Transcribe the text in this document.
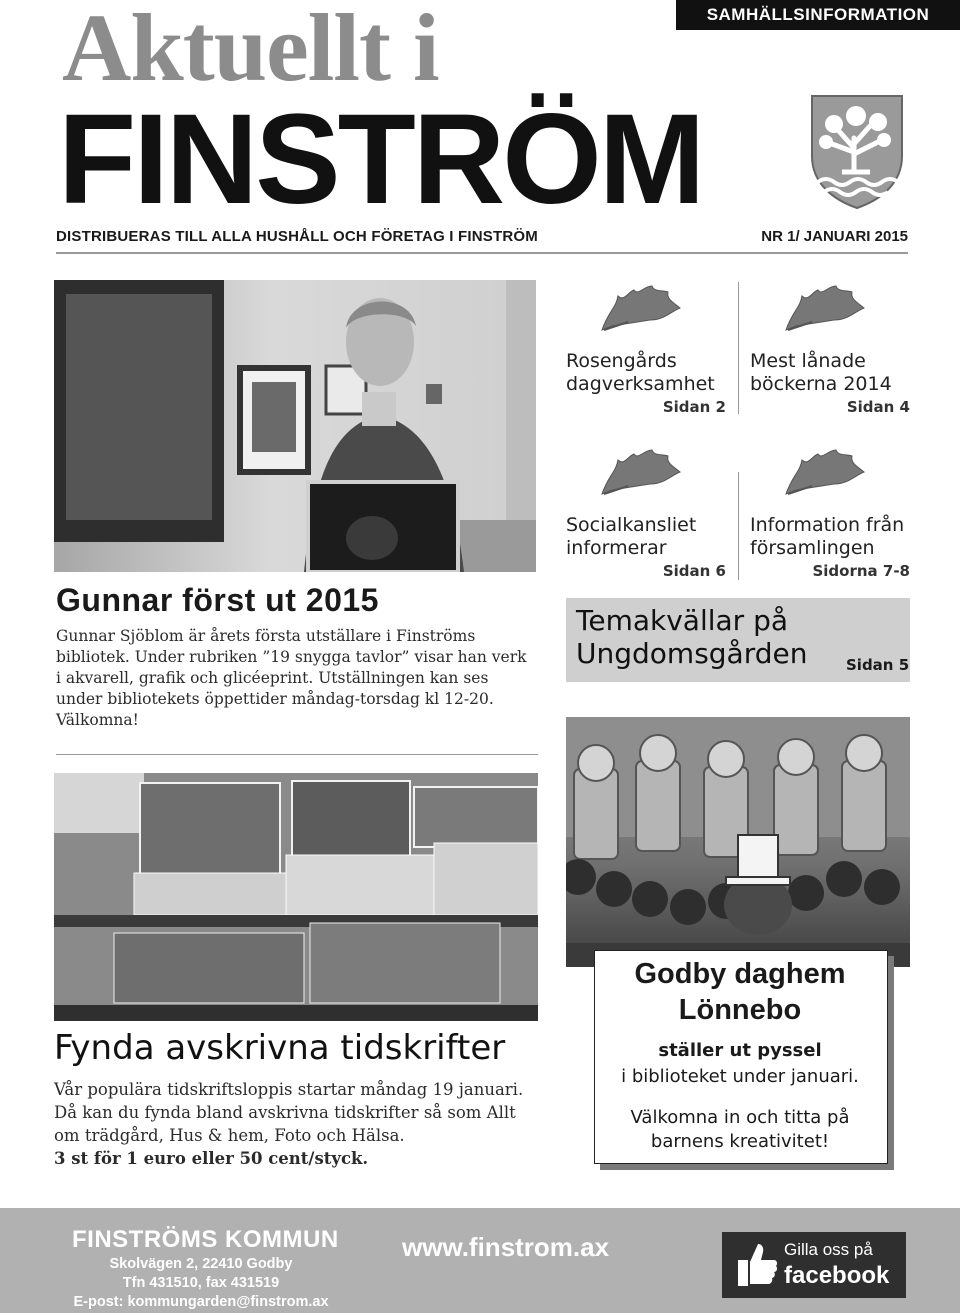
Aktuellt i
FINSTRÖM
SAMHÄLLSINFORMATION
DISTRIBUERAS TILL ALLA HUSHÅLL OCH FÖRETAG I FINSTRÖM	NR 1/ JANUARI 2015
Gunnar först ut 2015
Gunnar Sjöblom är årets första utställare i Finströms bibliotek. Under rubriken ”19 snygga tavlor” visar han verk i akvarell, grafik och glicéeprint. Utställningen kan ses under bibliotekets öppettider måndag-torsdag kl 12-20. Välkomna!
Rosengårds dagverksamhet
Sidan 2
Mest lånade böckerna 2014
Sidan 4
Socialkansliet informerar
Sidan 6
Information från församlingen
Sidorna 7-8
Temakvällar på Ungdomsgården	Sidan 5
Fynda avskrivna tidskrifter
Vår populära tidskriftsloppis startar måndag 19 januari. Då kan du fynda bland avskrivna tidskrifter så som Allt om trädgård, Hus & hem, Foto och Hälsa.
3 st för 1 euro eller 50 cent/styck.
Godby daghem Lönnebo
ställer ut pyssel
i biblioteket under januari.
Välkomna in och titta på barnens kreativitet!
FINSTRÖMS KOMMUN
Skolvägen 2, 22410 Godby
Tfn 431510, fax 431519
E-post: kommungarden@finstrom.ax
www.finstrom.ax	Gilla oss på
facebook
